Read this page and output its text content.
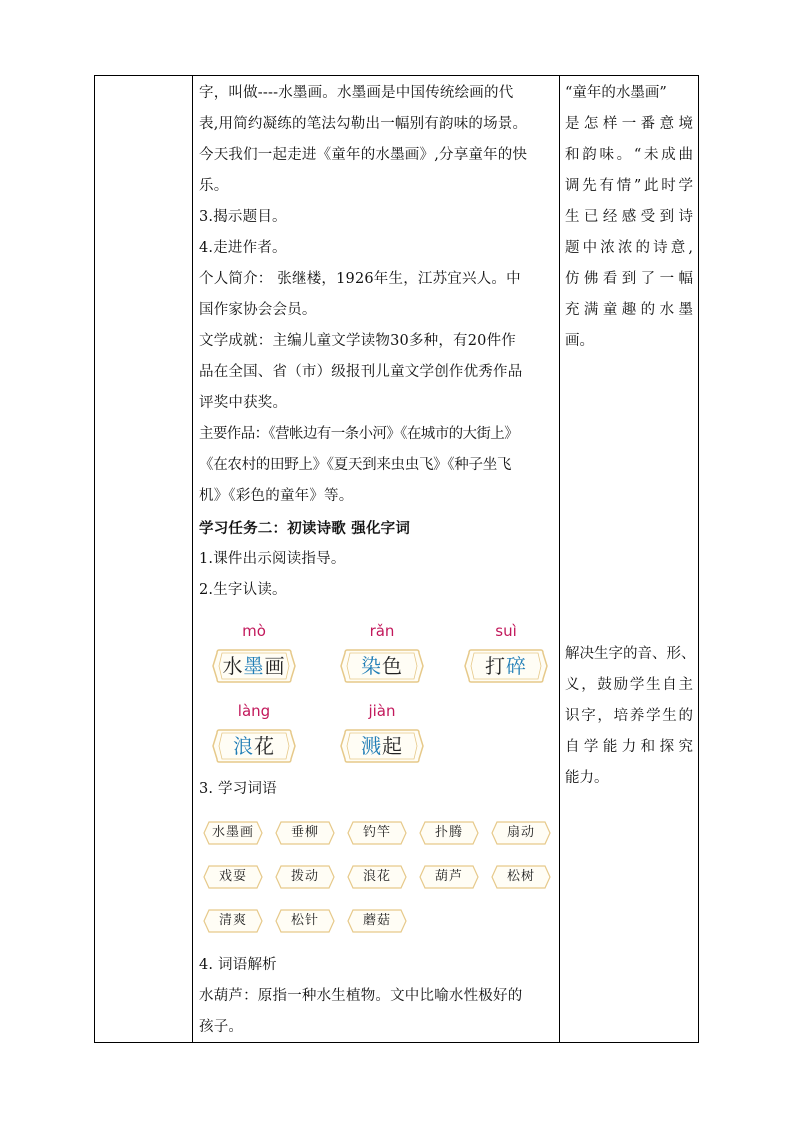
字，叫做----水墨画。水墨画是中国传统绘画的代
表,用简约凝练的笔法勾勒出一幅别有韵味的场景。
今天我们一起走进《童年的水墨画》,分享童年的快
乐。
3.揭示题目。
4.走进作者。
个人简介： 张继楼，1926年生，江苏宜兴人。中
国作家协会会员。
文学成就：主编儿童文学读物30多种，有20件作
品在全国、省（市）级报刊儿童文学创作优秀作品
评奖中获奖。
主要作品：《营帐边有一条小河》《在城市的大街上》
《在农村的田野上》《夏天到来虫虫飞》《种子坐飞
机》《彩色的童年》等。
学习任务二：初读诗歌 强化字词
1.课件出示阅读指导。
2.生字认读。
mò
水墨画
rǎn
染色
suì
打碎
làng
浪花
jiàn
溅起
3. 学习词语
水墨画	垂柳	钓竿	扑腾	扇动
戏耍	拨动	浪花	葫芦	松树
清爽	松针	蘑菇
4. 词语解析
水葫芦：原指一种水生植物。文中比喻水性极好的
孩子。
“童年的水墨画”
是怎样一番意境
和韵味。“未成曲
调先有情”此时学
生已经感受到诗
题中浓浓的诗意,
仿佛看到了一幅
充满童趣的水墨
画。
解决生字的音、形、
义，鼓励学生自主
识字，培养学生的
自学能力和探究
能力。
